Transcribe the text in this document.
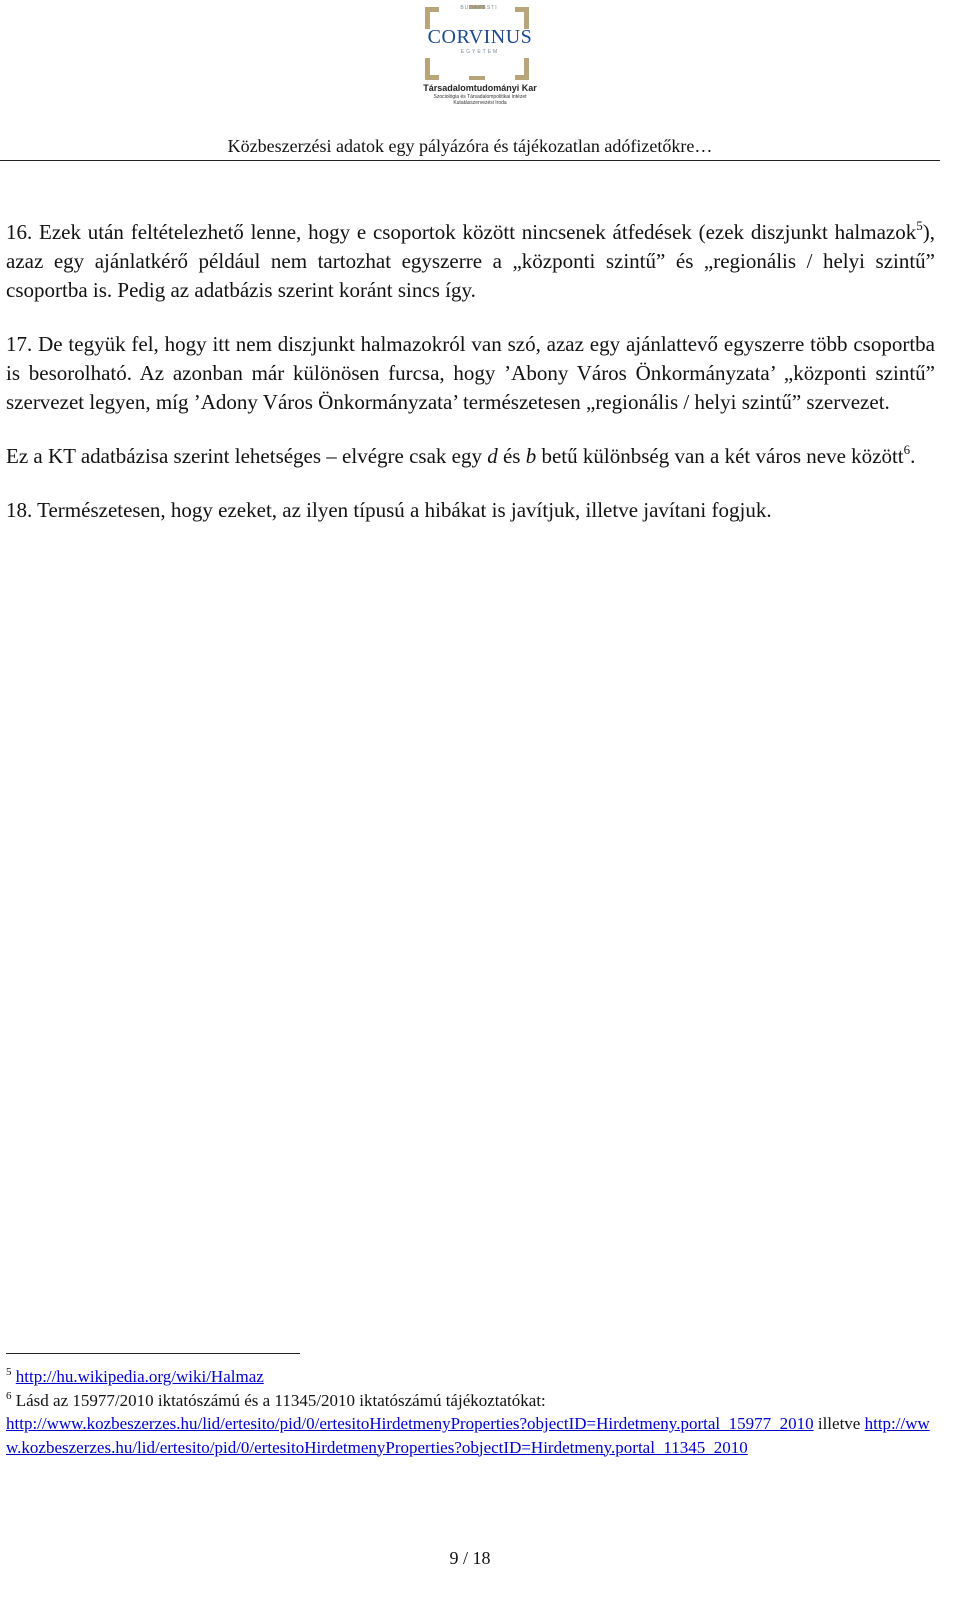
BUDAPESTI
CORVINUS
EGYETEM
Társadalomtudományi Kar
Szociológia és Társadalompolitikai Intézet
Kutatásszervezési Iroda
Közbeszerzési adatok egy pályázóra és tájékozatlan adófizetőkre…

16. Ezek után feltételezhető lenne, hogy e csoportok között nincsenek átfedések (ezek diszjunkt halmazok$^5$), azaz egy ajánlatkérő például nem tartozhat egyszerre a „központi szintű” és „regionális / helyi szintű” csoportba is. Pedig az adatbázis szerint koránt sincs így.

17. De tegyük fel, hogy itt nem diszjunkt halmazokról van szó, azaz egy ajánlattevő egyszerre több csoportba is besorolható. Az azonban már különösen furcsa, hogy ’Abony Város Önkormányzata’ „központi szintű” szervezet legyen, míg ’Adony Város Önkormányzata’ természetesen „regionális / helyi szintű” szervezet.

Ez a KT adatbázisa szerint lehetséges – elvégre csak egy d és b betű különbség van a két város neve között$^6$.

18. Természetesen, hogy ezeket, az ilyen típusú a hibákat is javítjuk, illetve javítani fogjuk.

$^5$ http://hu.wikipedia.org/wiki/Halmaz
$^6$ Lásd az 15977/2010 iktatószámú és a 11345/2010 iktatószámú tájékoztatókat:
http://www.kozbeszerzes.hu/lid/ertesito/pid/0/ertesitoHirdetmenyProperties?objectID=Hirdetmeny.portal_15977_2010 illetve http://www.kozbeszerzes.hu/lid/ertesito/pid/0/ertesitoHirdetmenyProperties?objectID=Hirdetmeny.portal_11345_2010
9 / 18
